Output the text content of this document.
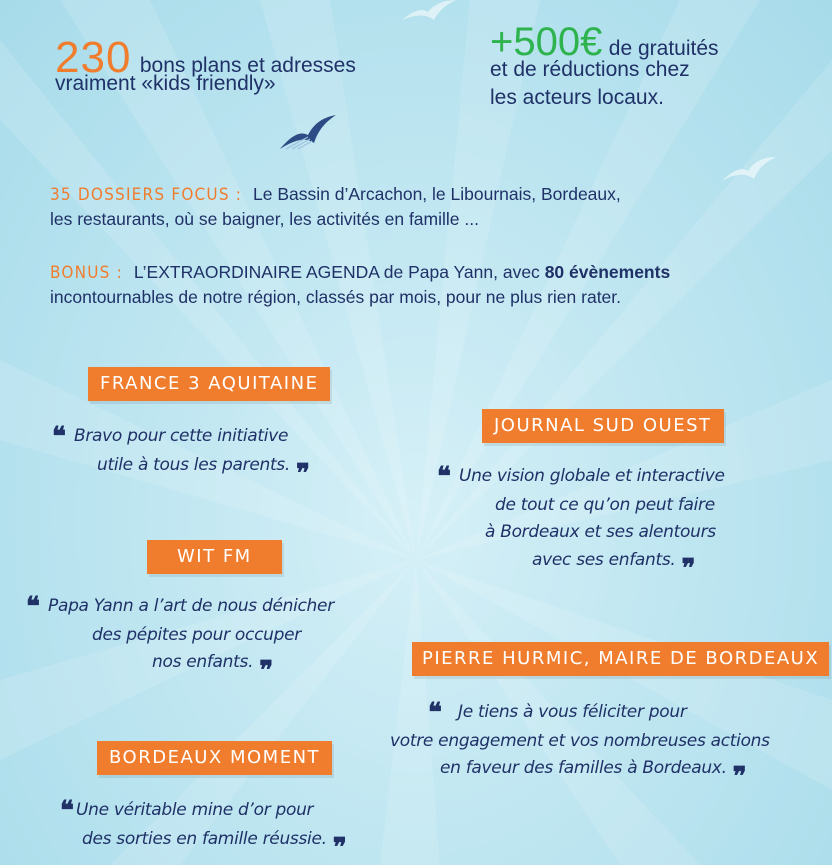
230 bons plans et adresses
vraiment «kids friendly»
+500€ de gratuités
et de réductions chez
les acteurs locaux.
35 DOSSIERS FOCUS : Le Bassin d’Arcachon, le Libournais, Bordeaux,
les restaurants, où se baigner, les activités en famille ...
BONUS : L’EXTRAORDINAIRE AGENDA de Papa Yann, avec 80 évènements
incontournables de notre région, classés par mois, pour ne plus rien rater.
FRANCE 3 AQUITAINE
❝ Bravo pour cette initiative
utile à tous les parents. ❞
JOURNAL SUD OUEST
❝ Une vision globale et interactive
de tout ce qu’on peut faire
à Bordeaux et ses alentours
avec ses enfants. ❞
WIT FM
❝ Papa Yann a l’art de nous dénicher
des pépites pour occuper
nos enfants. ❞	PIERRE HURMIC, MAIRE DE BORDEAUX
❝ Je tiens à vous féliciter pour
votre engagement et vos nombreuses actions
en faveur des familles à Bordeaux. ❞
BORDEAUX MOMENT
❝ Une véritable mine d’or pour
des sorties en famille réussie. ❞
